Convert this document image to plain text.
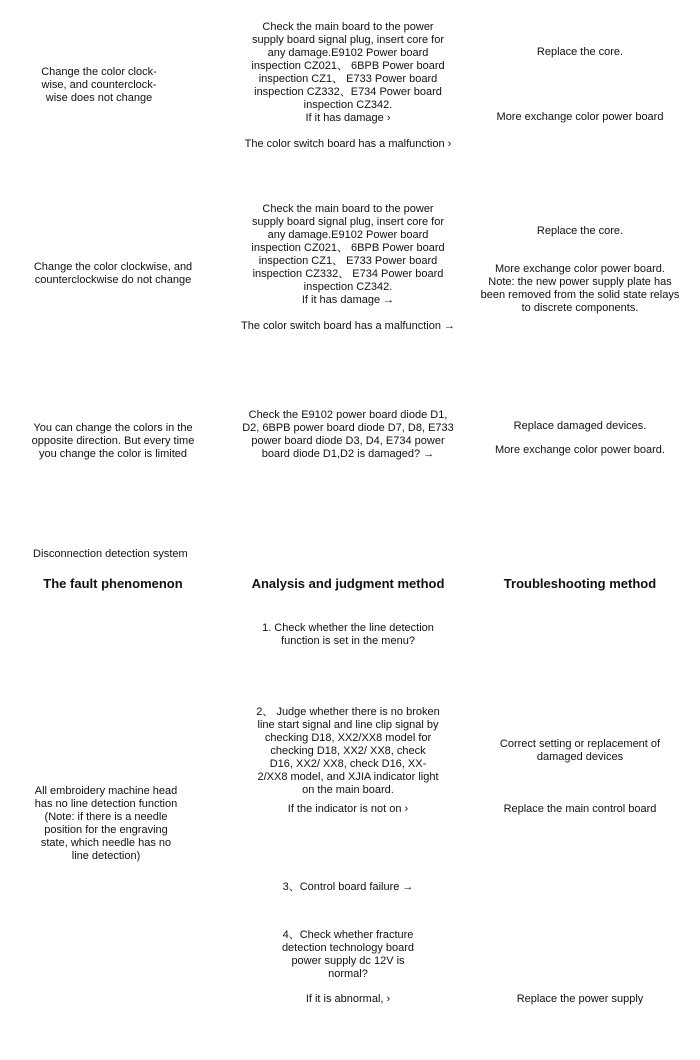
Change the color clock-
wise, and counterclock-
wise does not change
Check the main board to the power
supply board signal plug, insert core for
any damage.E9102 Power board
inspection CZ021、 6BPB Power board
inspection CZ1、 E733 Power board
inspection CZ332、E734 Power board
inspection CZ342.
If it has damage ›
The color switch board has a malfunction ›
Replace the core.
More exchange color power board
Change the color clockwise, and
counterclockwise do not change
Check the main board to the power
supply board signal plug, insert core for
any damage.E9102 Power board
inspection CZ021、 6BPB Power board
inspection CZ1、 E733 Power board
inspection CZ332、 E734 Power board
inspection CZ342.
If it has damage →
The color switch board has a malfunction →
Replace the core.
More exchange color power board.
Note: the new power supply plate has
been removed from the solid state relays
to discrete components.
You can change the colors in the
opposite direction. But every time
you change the color is limited
Check the E9102 power board diode D1,
D2, 6BPB power board diode D7, D8, E733
power board diode D3, D4, E734 power
board diode D1,D2 is damaged? →
Replace damaged devices.
More exchange color power board.
Disconnection detection system
The fault phenomenon	Analysis and judgment method	Troubleshooting method
All embroidery machine head
has no line detection function
(Note: if there is a needle
position for the engraving
state, which needle has no
line detection)
1. Check whether the line detection
function is set in the menu?
2、 Judge whether there is no broken
line start signal and line clip signal by
checking D18, XX2/XX8 model for
checking D18, XX2/ XX8, check
D16, XX2/ XX8, check D16, XX-
2/XX8 model, and XJIA indicator light
on the main board.
If the indicator is not on ›
3、Control board failure →
4、Check whether fracture
detection technology board
power supply dc 12V is
normal?
If it is abnormal, ›
Correct setting or replacement of
damaged devices
Replace the main control board
Replace the power supply
